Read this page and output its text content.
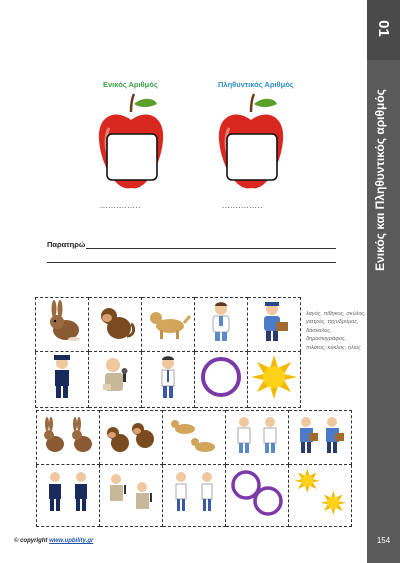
01
Ενικός και Πληθυντικός αριθμός
154
Ενικός Αριθμός	Πληθυντικός Αριθμός
...............	...............
Παρατηρώ

λαγός, πίθηκος, σκύλος, γιατρός, ταχυδρόμος, δάσκαλος, δημοσιογράφος, πιλότος, κύκλος, ήλιος

© copyright www.upbility.gr
